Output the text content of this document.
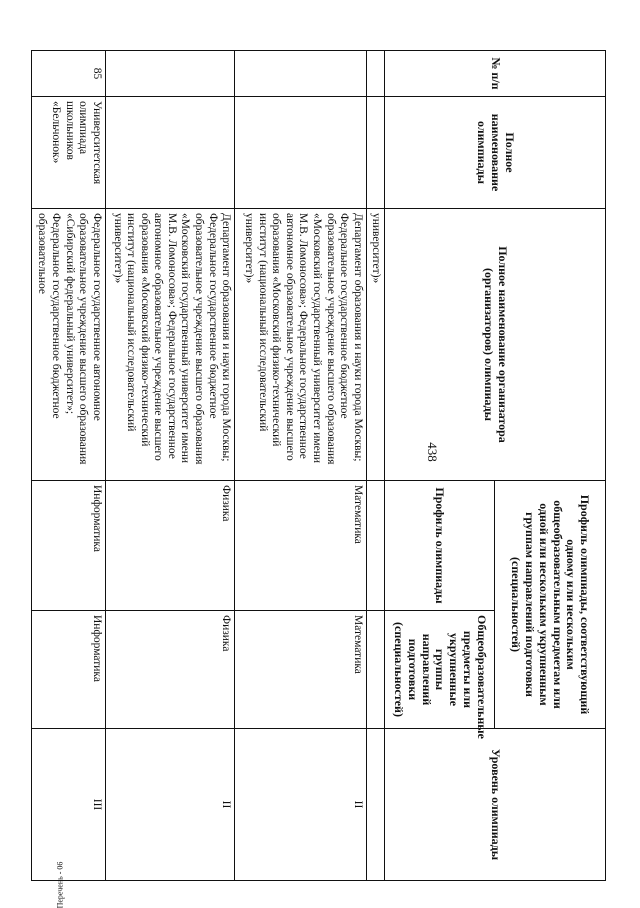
438
Перечень - 06
№ п/п	Полное наименование олимпиады	Полное наименование организатора (организаторов) олимпиады	Профиль олимпиады, соответствующий одному или нескольким общеобразовательным предметам или одной или нескольким укрупненным группам направлений подготовки (специальностей)		Уровень олимпиады
			Профиль олимпиады	Общеобразовательные предметы или укрупненные группы направлений подготовки (специальностей)	
		университет)»			
		Департамент образования и науки города Москвы; Федеральное государственное бюджетное образовательное учреждение высшего образования «Московский государственный университет имени М.В. Ломоносова»; Федеральное государственное автономное образовательное учреждение высшего образования «Московский физико-технический институт (национальный исследовательский университет)»	Математика	Математика	II
		Департамент образования и науки города Москвы; Федеральное государственное бюджетное образовательное учреждение высшего образования «Московский государственный университет имени М.В. Ломоносова»; Федеральное государственное автономное образовательное учреждение высшего образования «Московский физико-технический институт (национальный исследовательский университет)»	Физика	Физика	II
85	Университетская олимпиада школьников «Бельчонок»	Федеральное государственное автономное образовательное учреждение высшего образования «Сибирский федеральный университет»; Федеральное государственное бюджетное образовательное	Информатика	Информатика	III
